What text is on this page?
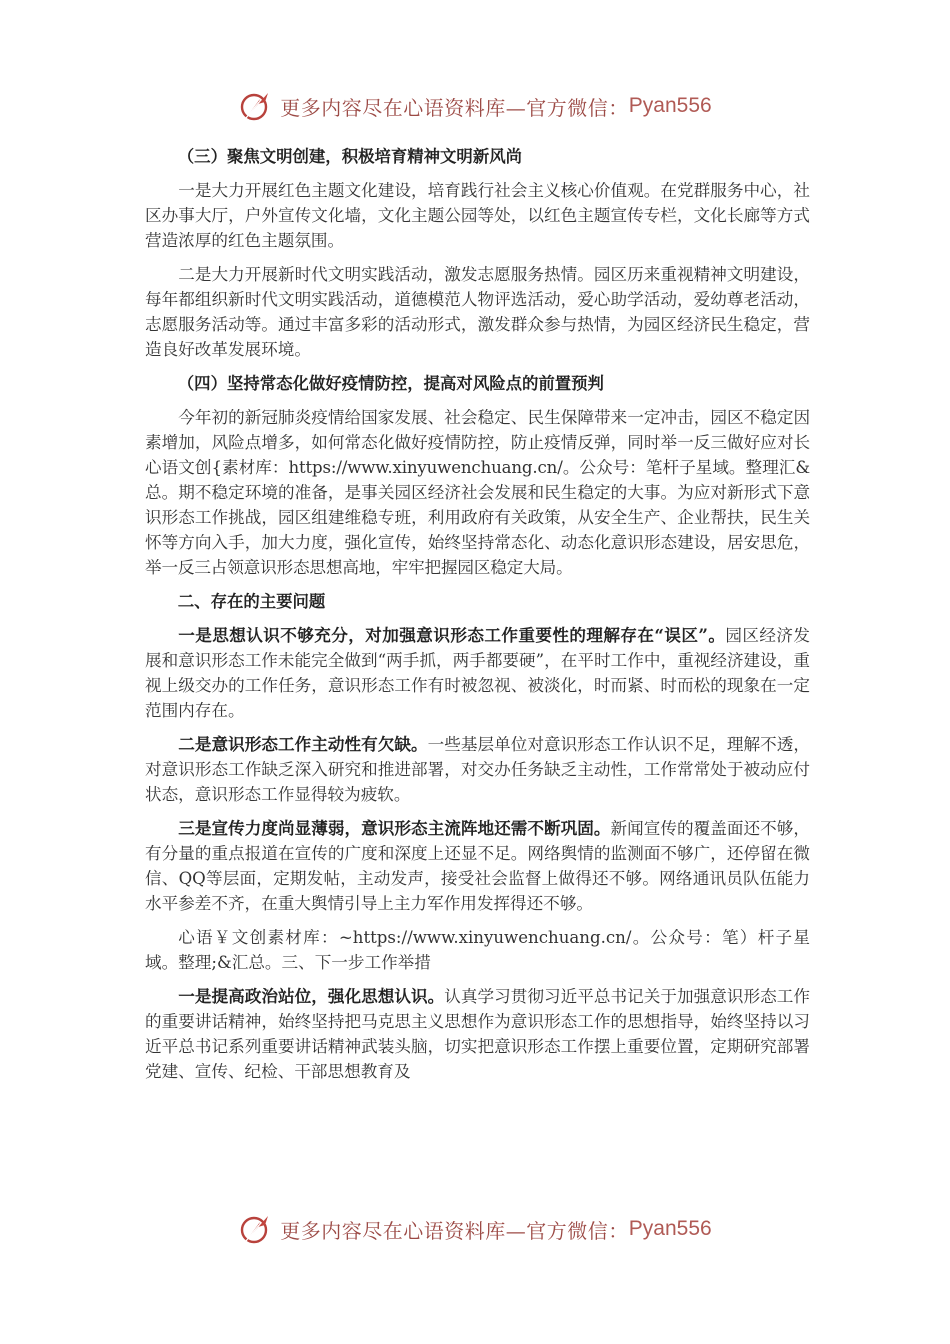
更多内容尽在心语资料库—官方微信： Pyan556

（三）聚焦文明创建，积极培育精神文明新风尚

一是大力开展红色主题文化建设，培育践行社会主义核心价值观。在党群服务中心，社区办事大厅，户外宣传文化墙，文化主题公园等处，以红色主题宣传专栏，文化长廊等方式营造浓厚的红色主题氛围。

二是大力开展新时代文明实践活动，激发志愿服务热情。园区历来重视精神文明建设，每年都组织新时代文明实践活动，道德模范人物评选活动，爱心助学活动，爱幼尊老活动，志愿服务活动等。通过丰富多彩的活动形式，激发群众参与热情，为园区经济民生稳定，营造良好改革发展环境。

（四）坚持常态化做好疫情防控，提高对风险点的前置预判

今年初的新冠肺炎疫情给国家发展、社会稳定、民生保障带来一定冲击，园区不稳定因素增加，风险点增多，如何常态化做好疫情防控，防止疫情反弹，同时举一反三做好应对长心语文创{素材库：https://www.xinyuwenchuang.cn/。公众号：笔杆子星域。整理汇&总。期不稳定环境的准备，是事关园区经济社会发展和民生稳定的大事。为应对新形式下意识形态工作挑战，园区组建维稳专班，利用政府有关政策，从安全生产、企业帮扶，民生关怀等方向入手，加大力度，强化宣传，始终坚持常态化、动态化意识形态建设，居安思危，举一反三占领意识形态思想高地，牢牢把握园区稳定大局。

二、存在的主要问题

一是思想认识不够充分，对加强意识形态工作重要性的理解存在“误区”。园区经济发展和意识形态工作未能完全做到“两手抓，两手都要硬”，在平时工作中，重视经济建设，重视上级交办的工作任务，意识形态工作有时被忽视、被淡化，时而紧、时而松的现象在一定范围内存在。

二是意识形态工作主动性有欠缺。一些基层单位对意识形态工作认识不足，理解不透，对意识形态工作缺乏深入研究和推进部署，对交办任务缺乏主动性，工作常常处于被动应付状态，意识形态工作显得较为疲软。

三是宣传力度尚显薄弱，意识形态主流阵地还需不断巩固。新闻宣传的覆盖面还不够，有分量的重点报道在宣传的广度和深度上还显不足。网络舆情的监测面不够广，还停留在微信、QQ等层面，定期发帖，主动发声，接受社会监督上做得还不够。网络通讯员队伍能力水平参差不齐，在重大舆情引导上主力军作用发挥得还不够。

心语￥文创素材库：~https://www.xinyuwenchuang.cn/。公众号：笔）杆子星域。整理;&汇总。三、下一步工作举措

一是提高政治站位，强化思想认识。认真学习贯彻习近平总书记关于加强意识形态工作的重要讲话精神，始终坚持把马克思主义思想作为意识形态工作的思想指导，始终坚持以习近平总书记系列重要讲话精神武装头脑，切实把意识形态工作摆上重要位置，定期研究部署党建、宣传、纪检、干部思想教育及

更多内容尽在心语资料库—官方微信： Pyan556
